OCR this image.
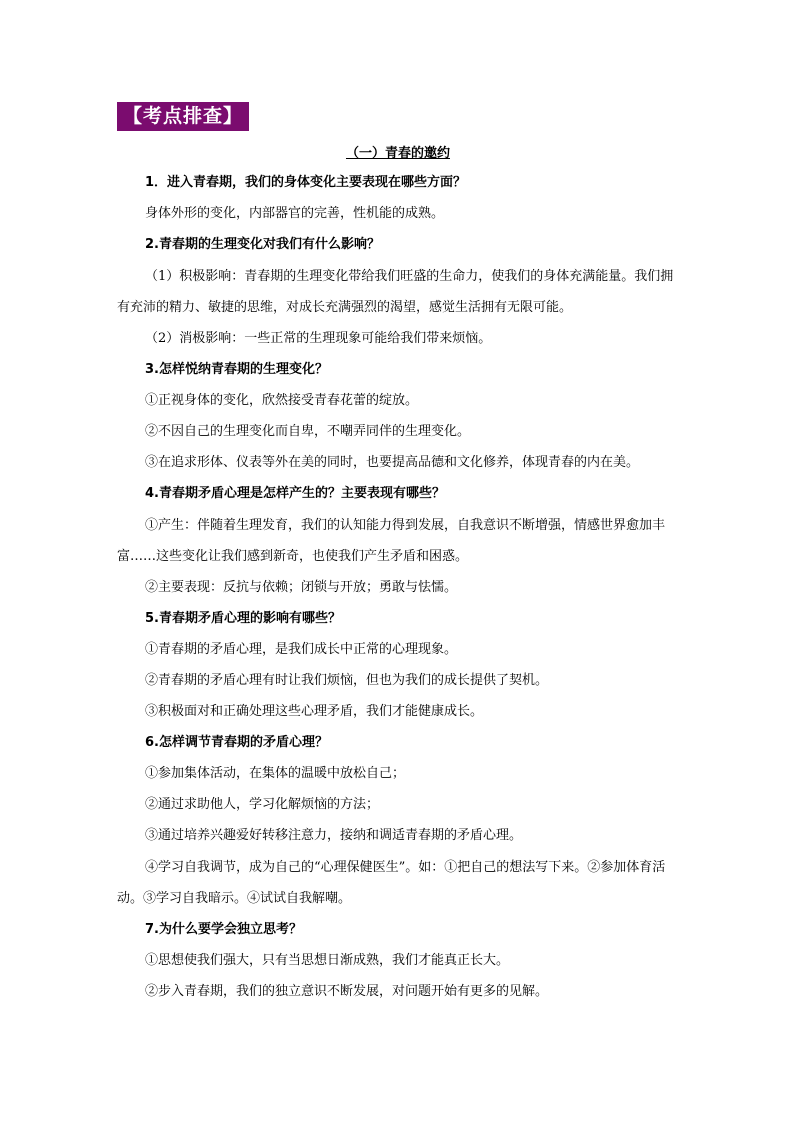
【考点排查】
（一）青春的邀约
1．进入青春期，我们的身体变化主要表现在哪些方面？
身体外形的变化，内部器官的完善，性机能的成熟。
2.青春期的生理变化对我们有什么影响？
（1）积极影响：青春期的生理变化带给我们旺盛的生命力，使我们的身体充满能量。我们拥有充沛的精力、敏捷的思维，对成长充满强烈的渴望，感觉生活拥有无限可能。
（2）消极影响：一些正常的生理现象可能给我们带来烦恼。
3.怎样悦纳青春期的生理变化？
①正视身体的变化，欣然接受青春花蕾的绽放。
②不因自己的生理变化而自卑，不嘲弄同伴的生理变化。
③在追求形体、仪表等外在美的同时，也要提高品德和文化修养，体现青春的内在美。
4.青春期矛盾心理是怎样产生的？主要表现有哪些？
①产生：伴随着生理发育，我们的认知能力得到发展，自我意识不断增强，情感世界愈加丰富……这些变化让我们感到新奇，也使我们产生矛盾和困惑。
②主要表现：反抗与依赖；闭锁与开放；勇敢与怯懦。
5.青春期矛盾心理的影响有哪些？
①青春期的矛盾心理，是我们成长中正常的心理现象。
②青春期的矛盾心理有时让我们烦恼，但也为我们的成长提供了契机。
③积极面对和正确处理这些心理矛盾，我们才能健康成长。
6.怎样调节青春期的矛盾心理？
①参加集体活动，在集体的温暖中放松自己；
②通过求助他人，学习化解烦恼的方法；
③通过培养兴趣爱好转移注意力，接纳和调适青春期的矛盾心理。
④学习自我调节，成为自己的“心理保健医生”。如：①把自己的想法写下来。②参加体育活动。③学习自我暗示。④试试自我解嘲。
7.为什么要学会独立思考？
①思想使我们强大，只有当思想日渐成熟，我们才能真正长大。
②步入青春期，我们的独立意识不断发展，对问题开始有更多的见解。
